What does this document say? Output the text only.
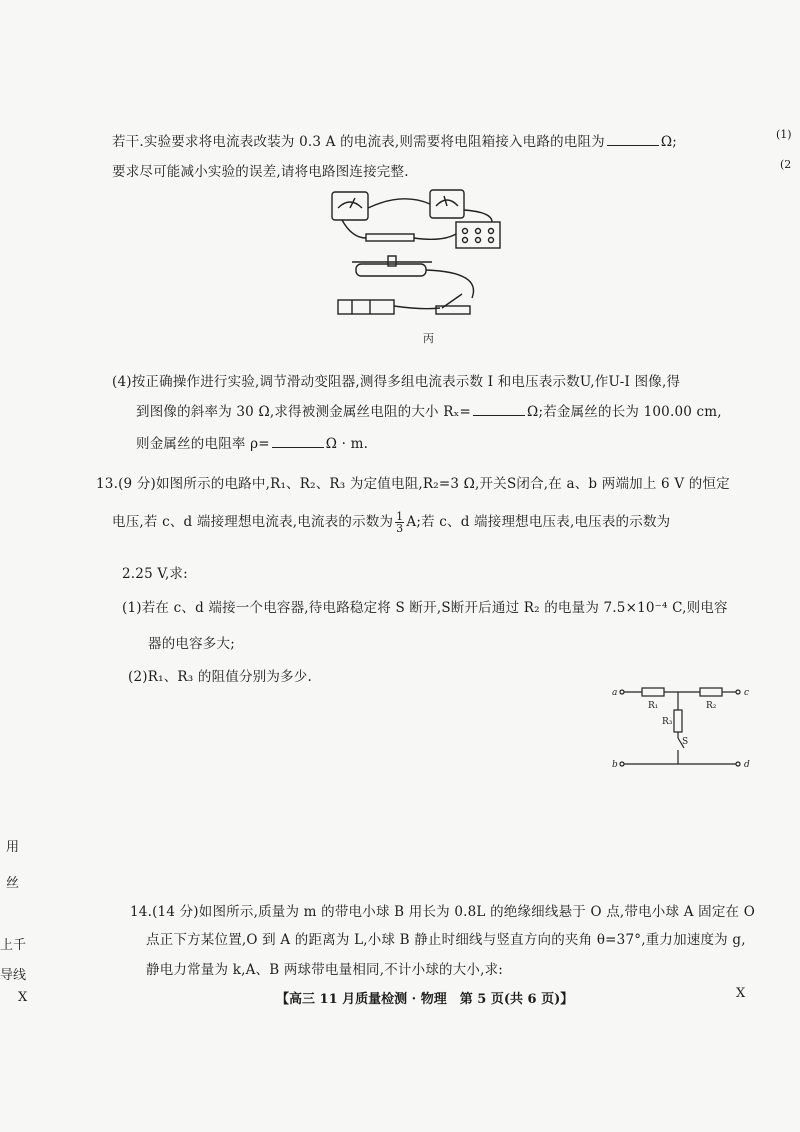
若干.实验要求将电流表改装为 0.3 A 的电流表,则需要将电阻箱接入电路的电阻为	Ω;
要求尽可能减小实验的误差,请将电路图连接完整.
丙
(4)按正确操作进行实验,调节滑动变阻器,测得多组电流表示数 I 和电压表示数U,作U-I 图像,得
到图像的斜率为 30 Ω,求得被测金属丝电阻的大小 Rₓ=	Ω;若金属丝的长为 100.00 cm,
则金属丝的电阻率 ρ=	Ω · m.
13.(9 分)如图所示的电路中,R₁、R₂、R₃ 为定值电阻,R₂=3 Ω,开关S闭合,在 a、b 两端加上 6 V 的恒定
电压,若 c、d 端接理想电流表,电流表的示数为 $\frac{1}{3} A$;若 c、d 端接理想电压表,电压表的示数为
2.25 V,求:
(1)若在 c、d 端接一个电容器,待电路稳定将 S 断开,S断开后通过 R₂ 的电量为 7.5×10⁻⁴ C,则电容
器的电容多大;
(2)R₁、R₃ 的阻值分别为多少.
a	c
b	d
R₁	R₂
R₃
S
用
丝
上千
导线
X
(1)
(2
14.(14 分)如图所示,质量为 m 的带电小球 B 用长为 0.8L 的绝缘细线悬于 O 点,带电小球 A 固定在 O
点正下方某位置,O 到 A 的距离为 L,小球 B 静止时细线与竖直方向的夹角 θ=37°,重力加速度为 g,
静电力常量为 k,A、B 两球带电量相同,不计小球的大小,求:
【高三 11 月质量检测 · 物理　第 5 页(共 6 页)】	X
